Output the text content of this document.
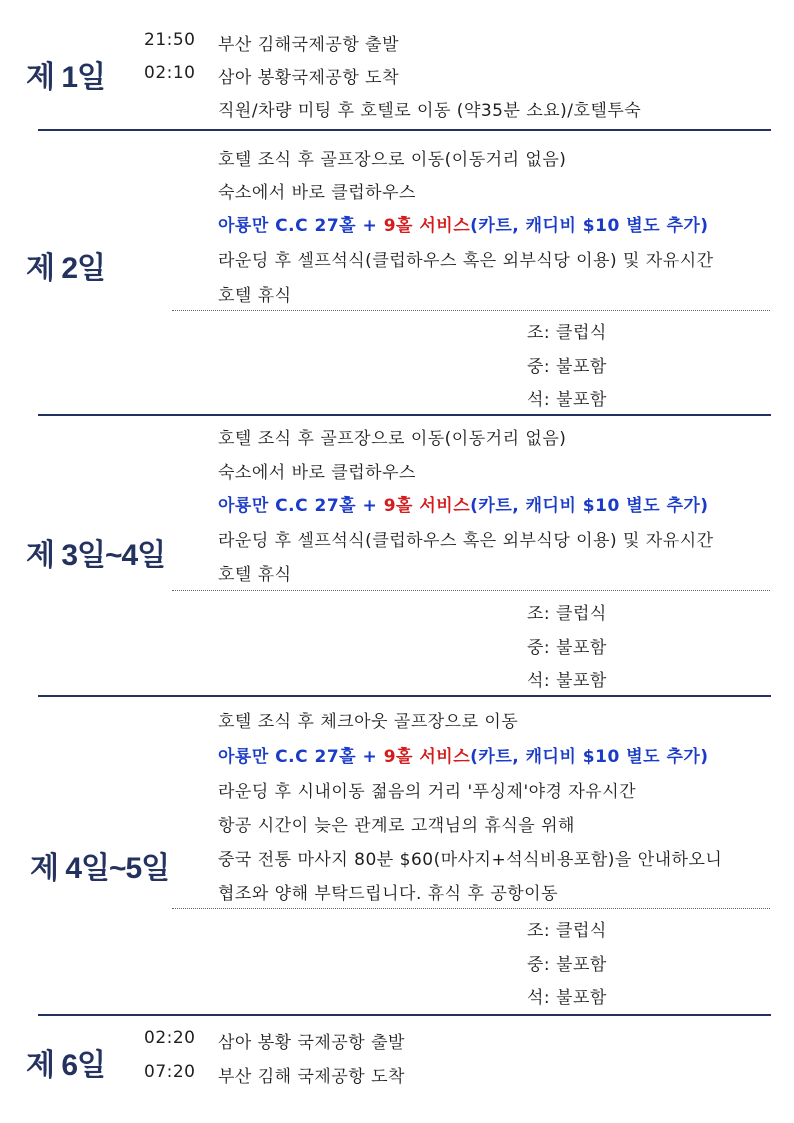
제 1일
21:50 부산 김해국제공항 출발
02:10 삼아 봉황국제공항 도착
직원/차량 미팅 후 호텔로 이동 (약35분 소요)/호텔투숙
제 2일
호텔 조식 후 골프장으로 이동(이동거리 없음)
숙소에서 바로 클럽하우스
아룡만 C.C 27홀 + 9홀 서비스(카트, 캐디비 $10 별도 추가)
라운딩 후 셀프석식(클럽하우스 혹은 외부식당 이용) 및 자유시간
호텔 휴식
조: 클럽식
중: 불포함
석: 불포함
제 3일~4일
호텔 조식 후 골프장으로 이동(이동거리 없음)
숙소에서 바로 클럽하우스
아룡만 C.C 27홀 + 9홀 서비스(카트, 캐디비 $10 별도 추가)
라운딩 후 셀프석식(클럽하우스 혹은 외부식당 이용) 및 자유시간
호텔 휴식
조: 클럽식
중: 불포함
석: 불포함
제 4일~5일
호텔 조식 후 체크아웃 골프장으로 이동
아룡만 C.C 27홀 + 9홀 서비스(카트, 캐디비 $10 별도 추가)
라운딩 후 시내이동 젊음의 거리 '푸싱제'야경 자유시간
항공 시간이 늦은 관계로 고객님의 휴식을 위해
중국 전통 마사지 80분 $60(마사지+석식비용포함)을 안내하오니
협조와 양해 부탁드립니다. 휴식 후 공항이동
조: 클럽식
중: 불포함
석: 불포함
제 6일
02:20 삼아 봉황 국제공항 출발
07:20 부산 김해 국제공항 도착
